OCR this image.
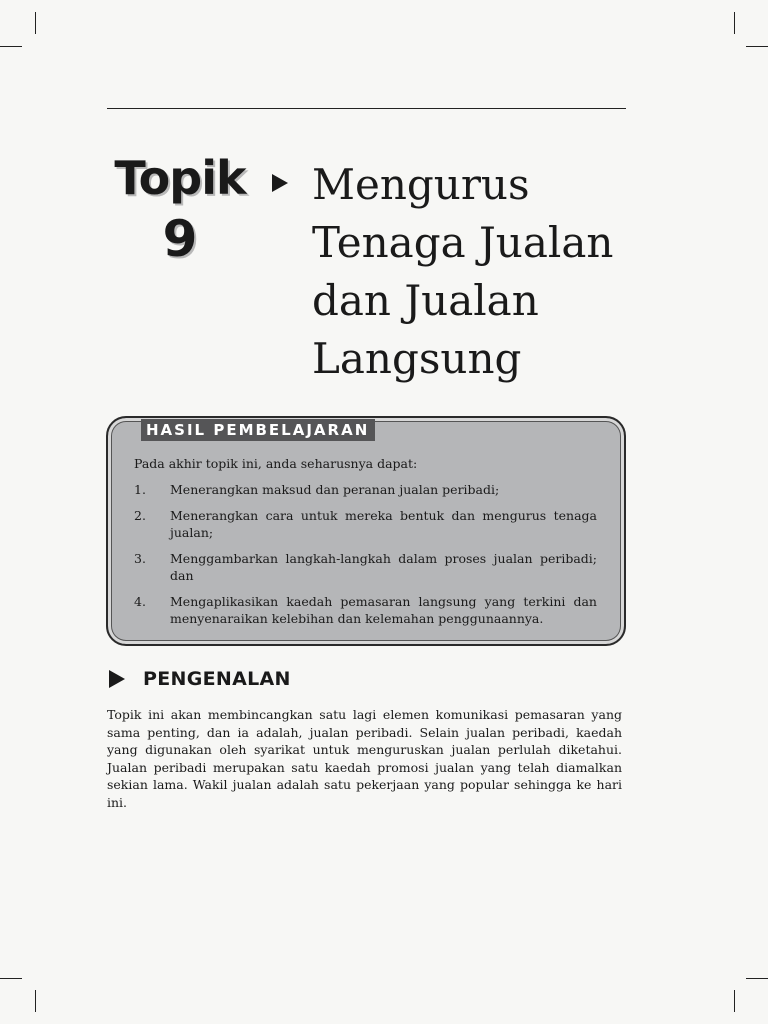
Topik
9
Mengurus
Tenaga Jualan
dan Jualan
Langsung
HASIL PEMBELAJARAN
Pada akhir topik ini, anda seharusnya dapat:
1.	Menerangkan maksud dan peranan jualan peribadi;
2.	Menerangkan cara untuk mereka bentuk dan mengurus tenaga jualan;
3.	Menggambarkan langkah-langkah dalam proses jualan peribadi; dan
4.	Mengaplikasikan kaedah pemasaran langsung yang terkini dan menyenaraikan kelebihan dan kelemahan penggunaannya.
PENGENALAN
Topik ini akan membincangkan satu lagi elemen komunikasi pemasaran yang sama penting, dan ia adalah, jualan peribadi. Selain jualan peribadi, kaedah yang digunakan oleh syarikat untuk menguruskan jualan perlulah diketahui. Jualan peribadi merupakan satu kaedah promosi jualan yang telah diamalkan sekian lama. Wakil jualan adalah satu pekerjaan yang popular sehingga ke hari ini.
